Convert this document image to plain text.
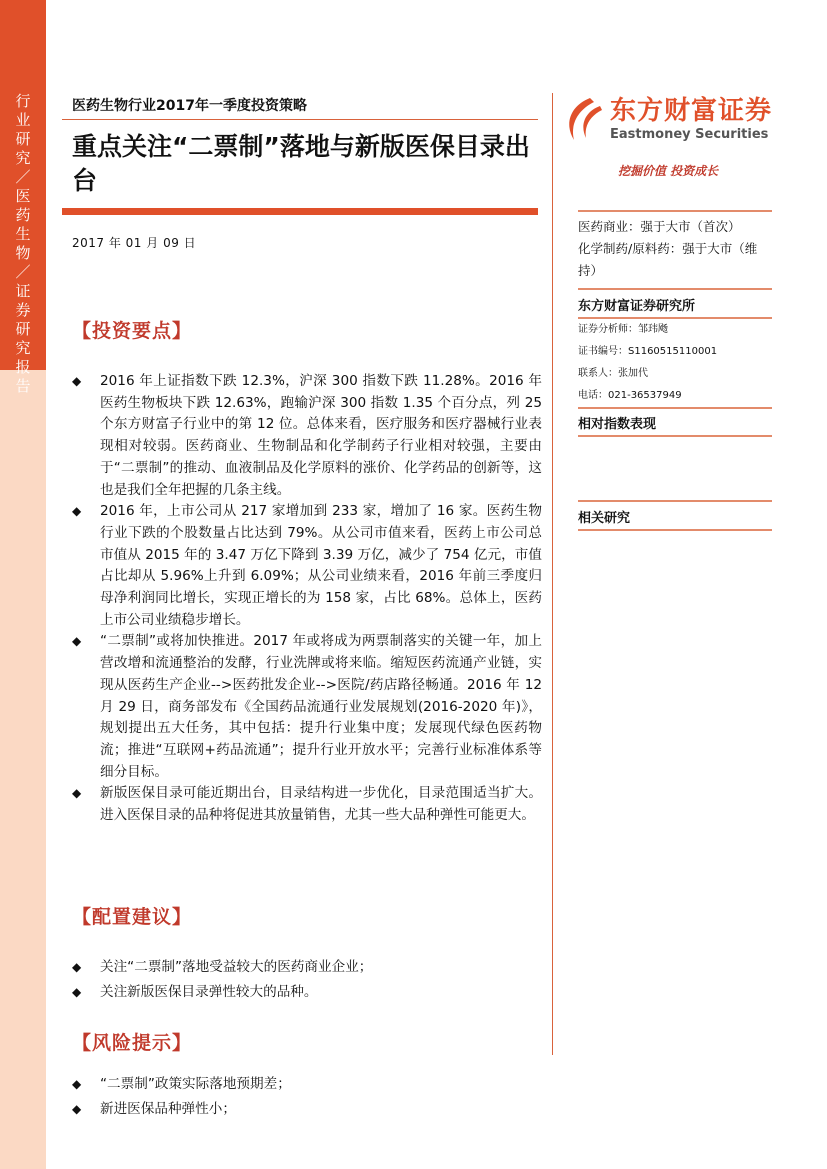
行业研究／医药生物／证券研究报告
医药生物行业2017年一季度投资策略
重点关注“二票制”落地与新版医保目录出台
2017 年 01 月 09 日
【投资要点】
◆ 2016 年上证指数下跌 12.3%，沪深 300 指数下跌 11.28%。2016 年医药生物板块下跌 12.63%，跑输沪深 300 指数 1.35 个百分点，列 25 个东方财富子行业中的第 12 位。总体来看，医疗服务和医疗器械行业表现相对较弱。医药商业、生物制品和化学制药子行业相对较强，主要由于“二票制”的推动、血液制品及化学原料的涨价、化学药品的创新等，这也是我们全年把握的几条主线。
◆ 2016 年，上市公司从 217 家增加到 233 家，增加了 16 家。医药生物行业下跌的个股数量占比达到 79%。从公司市值来看，医药上市公司总市值从 2015 年的 3.47 万亿下降到 3.39 万亿，减少了 754 亿元，市值占比却从 5.96%上升到 6.09%；从公司业绩来看，2016 年前三季度归母净利润同比增长，实现正增长的为 158 家，占比 68%。总体上，医药上市公司业绩稳步增长。
◆ “二票制”或将加快推进。2017 年或将成为两票制落实的关键一年，加上营改增和流通整治的发酵，行业洗牌或将来临。缩短医药流通产业链，实现从医药生产企业-->医药批发企业-->医院/药店路径畅通。2016 年 12 月 29 日，商务部发布《全国药品流通行业发展规划(2016-2020 年)》，规划提出五大任务，其中包括：提升行业集中度；发展现代绿色医药物流；推进“互联网+药品流通”；提升行业开放水平；完善行业标准体系等细分目标。
◆ 新版医保目录可能近期出台，目录结构进一步优化，目录范围适当扩大。进入医保目录的品种将促进其放量销售，尤其一些大品种弹性可能更大。
【配置建议】
◆ 关注“二票制”落地受益较大的医药商业企业；
◆ 关注新版医保目录弹性较大的品种。
【风险提示】
◆ “二票制”政策实际落地预期差；
◆ 新进医保品种弹性小；
东方财富证券
Eastmoney Securities
挖掘价值 投资成长
医药商业：强于大市（首次）
化学制药/原料药：强于大市（维持）
东方财富证券研究所
证券分析师：邹玮飏
证书编号：S1160515110001
联系人：张加代
电话：021-36537949
相对指数表现
相关研究
